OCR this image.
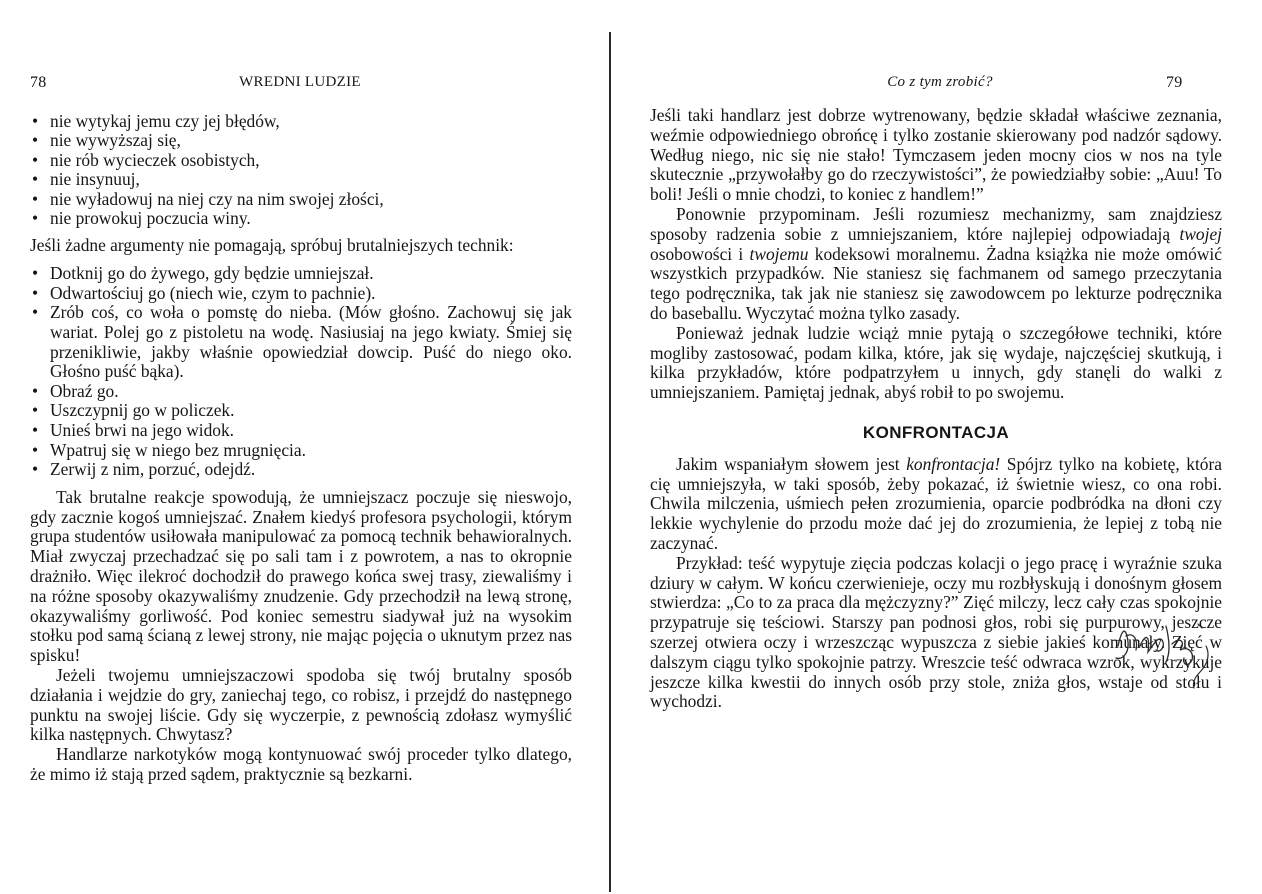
78	WREDNI LUDZIE
• nie wytykaj jemu czy jej błędów,
• nie wywyższaj się,
• nie rób wycieczek osobistych,
• nie insynuuj,
• nie wyładowuj na niej czy na nim swojej złości,
• nie prowokuj poczucia winy.

Jeśli żadne argumenty nie pomagają, spróbuj brutalniejszych technik:

• Dotknij go do żywego, gdy będzie umniejszał.
• Odwartościuj go (niech wie, czym to pachnie).
• Zrób coś, co woła o pomstę do nieba. (Mów głośno. Zachowuj się jak wariat. Polej go z pistoletu na wodę. Nasiusiaj na jego kwiaty. Śmiej się przenikliwie, jakby właśnie opowiedział dowcip. Puść do niego oko. Głośno puść bąka).
• Obraź go.
• Uszczypnij go w policzek.
• Unieś brwi na jego widok.
• Wpatruj się w niego bez mrugnięcia.
• Zerwij z nim, porzuć, odejdź.

Tak brutalne reakcje spowodują, że umniejszacz poczuje się nieswojo, gdy zacznie kogoś umniejszać. Znałem kiedyś profesora psychologii, którym grupa studentów usiłowała manipulować za pomocą technik behawioralnych. Miał zwyczaj przechadzać się po sali tam i z powrotem, a nas to okropnie drażniło. Więc ilekroć dochodził do prawego końca swej trasy, ziewaliśmy i na różne sposoby okazywaliśmy znudzenie. Gdy przechodził na lewą stronę, okazywaliśmy gorliwość. Pod koniec semestru siadywał już na wysokim stołku pod samą ścianą z lewej strony, nie mając pojęcia o uknutym przez nas spisku!

Jeżeli twojemu umniejszaczowi spodoba się twój brutalny sposób działania i wejdzie do gry, zaniechaj tego, co robisz, i przejdź do następnego punktu na swojej liście. Gdy się wyczerpie, z pewnością zdołasz wymyślić kilka następnych. Chwytasz?

Handlarze narkotyków mogą kontynuować swój proceder tylko dlatego, że mimo iż stają przed sądem, praktycznie są bezkarni.

Co z tym zrobić?	79

Jeśli taki handlarz jest dobrze wytrenowany, będzie składał właściwe zeznania, weźmie odpowiedniego obrońcę i tylko zostanie skierowany pod nadzór sądowy. Według niego, nic się nie stało! Tymczasem jeden mocny cios w nos na tyle skutecznie „przywołałby go do rzeczywistości”, że powiedziałby sobie: „Auu! To boli! Jeśli o mnie chodzi, to koniec z handlem!”

Ponownie przypominam. Jeśli rozumiesz mechanizmy, sam znajdziesz sposoby radzenia sobie z umniejszaniem, które najlepiej odpowiadają twojej osobowości i twojemu kodeksowi moralnemu. Żadna książka nie może omówić wszystkich przypadków. Nie staniesz się fachmanem od samego przeczytania tego podręcznika, tak jak nie staniesz się zawodowcem po lekturze podręcznika do baseballu. Wyczytać można tylko zasady.

Ponieważ jednak ludzie wciąż mnie pytają o szczegółowe techniki, które mogliby zastosować, podam kilka, które, jak się wydaje, najczęściej skutkują, i kilka przykładów, które podpatrzyłem u innych, gdy stanęli do walki z umniejszaniem. Pamiętaj jednak, abyś robił to po swojemu.

KONFRONTACJA

Jakim wspaniałym słowem jest konfrontacja! Spójrz tylko na kobietę, która cię umniejszyła, w taki sposób, żeby pokazać, iż świetnie wiesz, co ona robi. Chwila milczenia, uśmiech pełen zrozumienia, oparcie podbródka na dłoni czy lekkie wychylenie do przodu może dać jej do zrozumienia, że lepiej z tobą nie zaczynać.

Przykład: teść wypytuje zięcia podczas kolacji o jego pracę i wyraźnie szuka dziury w całym. W końcu czerwienieje, oczy mu rozbłyskują i donośnym głosem stwierdza: „Co to za praca dla mężczyzny?” Zięć milczy, lecz cały czas spokojnie przypatruje się teściowi. Starszy pan podnosi głos, robi się purpurowy, jeszcze szerzej otwiera oczy i wrzeszcząc wypuszcza z siebie jakieś komunały. Zięć w dalszym ciągu tylko spokojnie patrzy. Wreszcie teść odwraca wzrok, wykrzykuje jeszcze kilka kwestii do innych osób przy stole, zniża głos, wstaje od stołu i wychodzi.
